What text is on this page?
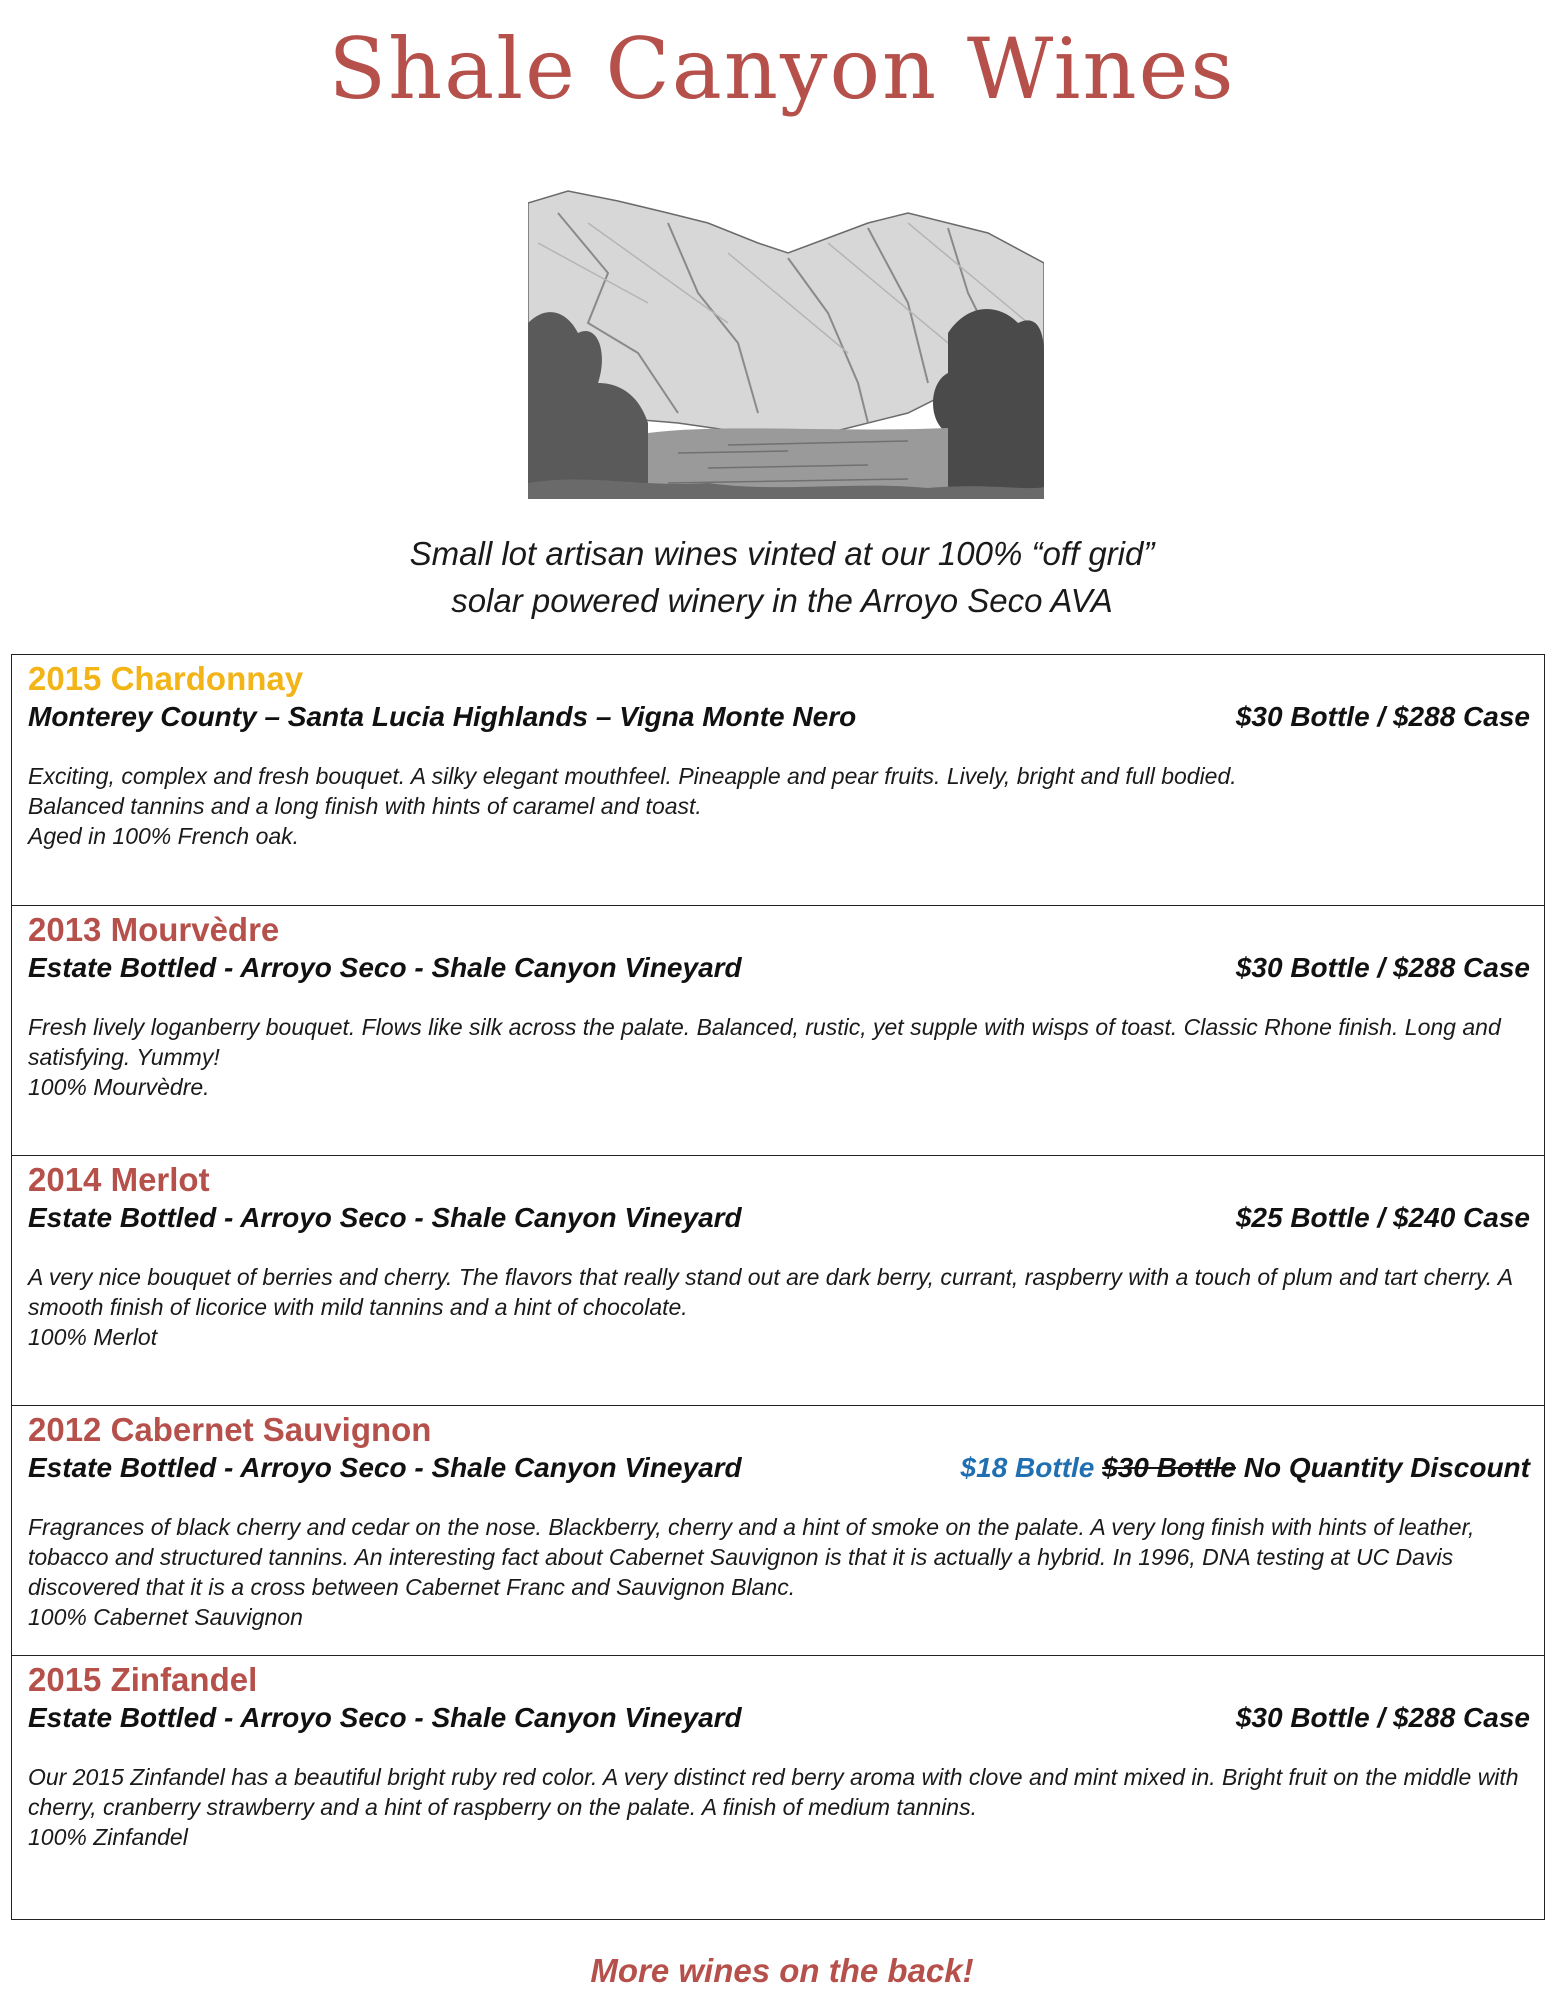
Shale Canyon Wines
Small lot artisan wines vinted at our 100% “off grid”
solar powered winery in the Arroyo Seco AVA
2015 Chardonnay
Monterey County – Santa Lucia Highlands – Vigna Monte Nero	$30 Bottle / $288 Case
Exciting, complex and fresh bouquet. A silky elegant mouthfeel. Pineapple and pear fruits. Lively, bright and full bodied.
Balanced tannins and a long finish with hints of caramel and toast.
Aged in 100% French oak.
2013 Mourvèdre
Estate Bottled - Arroyo Seco - Shale Canyon Vineyard	$30 Bottle / $288 Case
Fresh lively loganberry bouquet. Flows like silk across the palate. Balanced, rustic, yet supple with wisps of toast. Classic Rhone finish. Long and satisfying. Yummy!
100% Mourvèdre.
2014 Merlot
Estate Bottled - Arroyo Seco - Shale Canyon Vineyard	$25 Bottle / $240 Case
A very nice bouquet of berries and cherry. The flavors that really stand out are dark berry, currant, raspberry with a touch of plum and tart cherry. A smooth finish of licorice with mild tannins and a hint of chocolate.
100% Merlot
2012 Cabernet Sauvignon
Estate Bottled - Arroyo Seco - Shale Canyon Vineyard	$18 Bottle $30 Bottle No Quantity Discount
Fragrances of black cherry and cedar on the nose. Blackberry, cherry and a hint of smoke on the palate. A very long finish with hints of leather, tobacco and structured tannins. An interesting fact about Cabernet Sauvignon is that it is actually a hybrid. In 1996, DNA testing at UC Davis discovered that it is a cross between Cabernet Franc and Sauvignon Blanc.
100% Cabernet Sauvignon
2015 Zinfandel
Estate Bottled - Arroyo Seco - Shale Canyon Vineyard	$30 Bottle / $288 Case
Our 2015 Zinfandel has a beautiful bright ruby red color. A very distinct red berry aroma with clove and mint mixed in. Bright fruit on the middle with cherry, cranberry strawberry and a hint of raspberry on the palate. A finish of medium tannins.
100% Zinfandel
More wines on the back!
